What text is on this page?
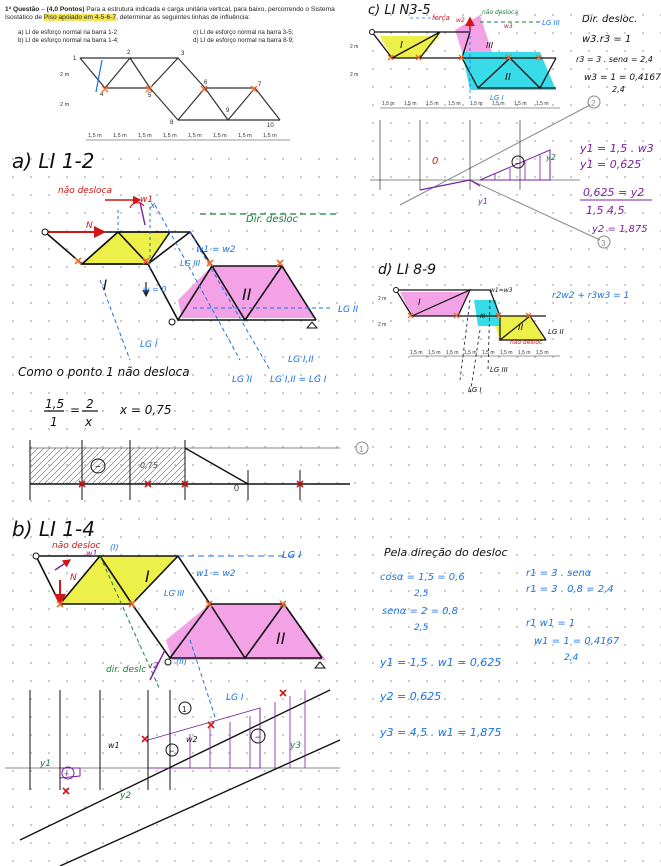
1ª Questão – (4,0 Pontos) Para a estrutura indicada e carga unitária vertical, para baixo, percorrendo o Sistema Isostático de Piso apoiado em 4-5-6-7, determinar as seguintes linhas de influência:
a) LI de esforço normal na barra 1-2
b) LI de esforço normal na barra 1-4;
c) LI de esforço normal na barra 3-5;
d) LI de esforço normal na barra 8-9;
1
2	3
4	5
6	7
8
9
10
1,5 m 1,5 m 1,5 m 1,5 m 1,5 m 1,5 m 1,5 m 1,5 m
2 m
2 m
a) LI 1-2
não desloca
N
w1
x
Dir. desloc
w1 = w2
LG III
w = 0
I	II
LG II
LG I
LG I,II
LG II LG I,II = LG I
Como o ponto 1 não desloca
1,5
1
= 2
x
x = 0,75
−	0,75
0
1
b) LI 1-4
não desloc
w1
(I)
N	I	w1 = w2
LG III
LG I
II
(II)
dir. deslc r2
LG I
+
−
−
1
y1
y2
y3
w1
w2
c) LI N3-5
1,5 m 1,5 m 1,5 m 1,5 m 1,5 m 1,5 m 1,5 m 1,5 m
2 m
2 m
força
não desloca
LG III
w2
w3
I
II
III
LG I
Dir. desloc.
w3.r3 = 1
r3 = 3 . senα = 2,4
w3 = 1 = 0,4167
2,4
y1 = 1,5 . w3
y1 = 0,625
0,625 = y2
1,5 4,5
y2 = 1,875
0	−
y1
y2
2
3
d) LI 8-9
1,5 m 1,5 m 1,5 m 1,5 m 1,5 m 1,5 m 1,5 m 1,5 m
2 m
2 m
w1=w3
r2w2 + r3w3 = 1
I
II
III
LG II
LG III
LG I
não desloc
Pela direção do desloc
cosα = 1,5 = 0,6
2,5
senα = 2 = 0,8
2,5
r1 = 3 . senα
r1 = 3 . 0,8 = 2,4
r1 w1 = 1
w1 = 1 = 0,4167
2,4
y1 = 1,5 . w1 = 0,625
y2 = 0,625
y3 = 4,5 . w1 = 1,875
